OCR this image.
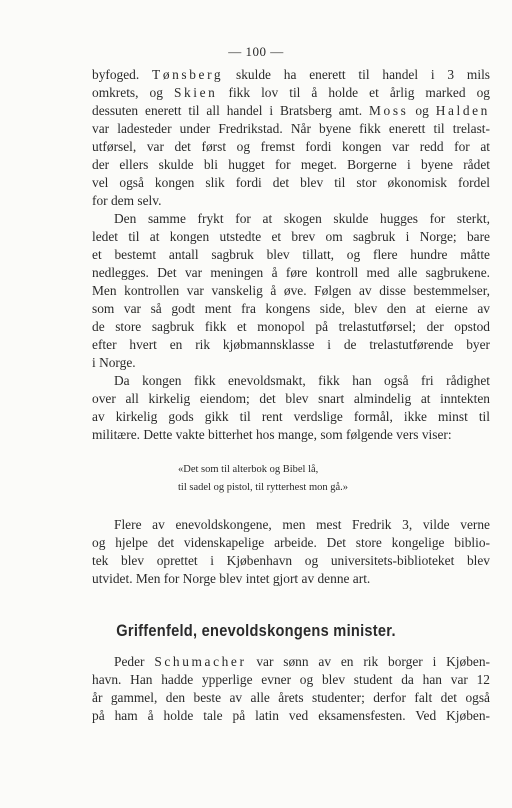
— 100 —
byfoged. Tønsberg skulde ha enerett til handel i 3 mils
omkrets, og Skien fikk lov til å holde et årlig marked og
dessuten enerett til all handel i Bratsberg amt. Moss og Halden
var ladesteder under Fredrikstad. Når byene fikk enerett til trelast-
utførsel, var det først og fremst fordi kongen var redd for at
der ellers skulde bli hugget for meget. Borgerne i byene rådet
vel også kongen slik fordi det blev til stor økonomisk fordel
for dem selv.
Den samme frykt for at skogen skulde hugges for sterkt,
ledet til at kongen utstedte et brev om sagbruk i Norge; bare
et bestemt antall sagbruk blev tillatt, og flere hundre måtte
nedlegges. Det var meningen å føre kontroll med alle sagbrukene.
Men kontrollen var vanskelig å øve. Følgen av disse bestemmelser,
som var så godt ment fra kongens side, blev den at eierne av
de store sagbruk fikk et monopol på trelastutførsel; der opstod
efter hvert en rik kjøbmannsklasse i de trelastutførende byer
i Norge.
Da kongen fikk enevoldsmakt, fikk han også fri rådighet
over all kirkelig eiendom; det blev snart almindelig at inntekten
av kirkelig gods gikk til rent verdslige formål, ikke minst til
militære. Dette vakte bitterhet hos mange, som følgende vers viser:
«Det som til alterbok og Bibel lå,
til sadel og pistol, til rytterhest mon gå.»
Flere av enevoldskongene, men mest Fredrik 3, vilde verne
og hjelpe det videnskapelige arbeide. Det store kongelige biblio-
tek blev oprettet i Kjøbenhavn og universitets-biblioteket blev
utvidet. Men for Norge blev intet gjort av denne art.
Griffenfeld, enevoldskongens minister.
Peder Schumacher var sønn av en rik borger i Kjøben-
havn. Han hadde ypperlige evner og blev student da han var 12
år gammel, den beste av alle årets studenter; derfor falt det også
på ham å holde tale på latin ved eksamensfesten. Ved Kjøben-
